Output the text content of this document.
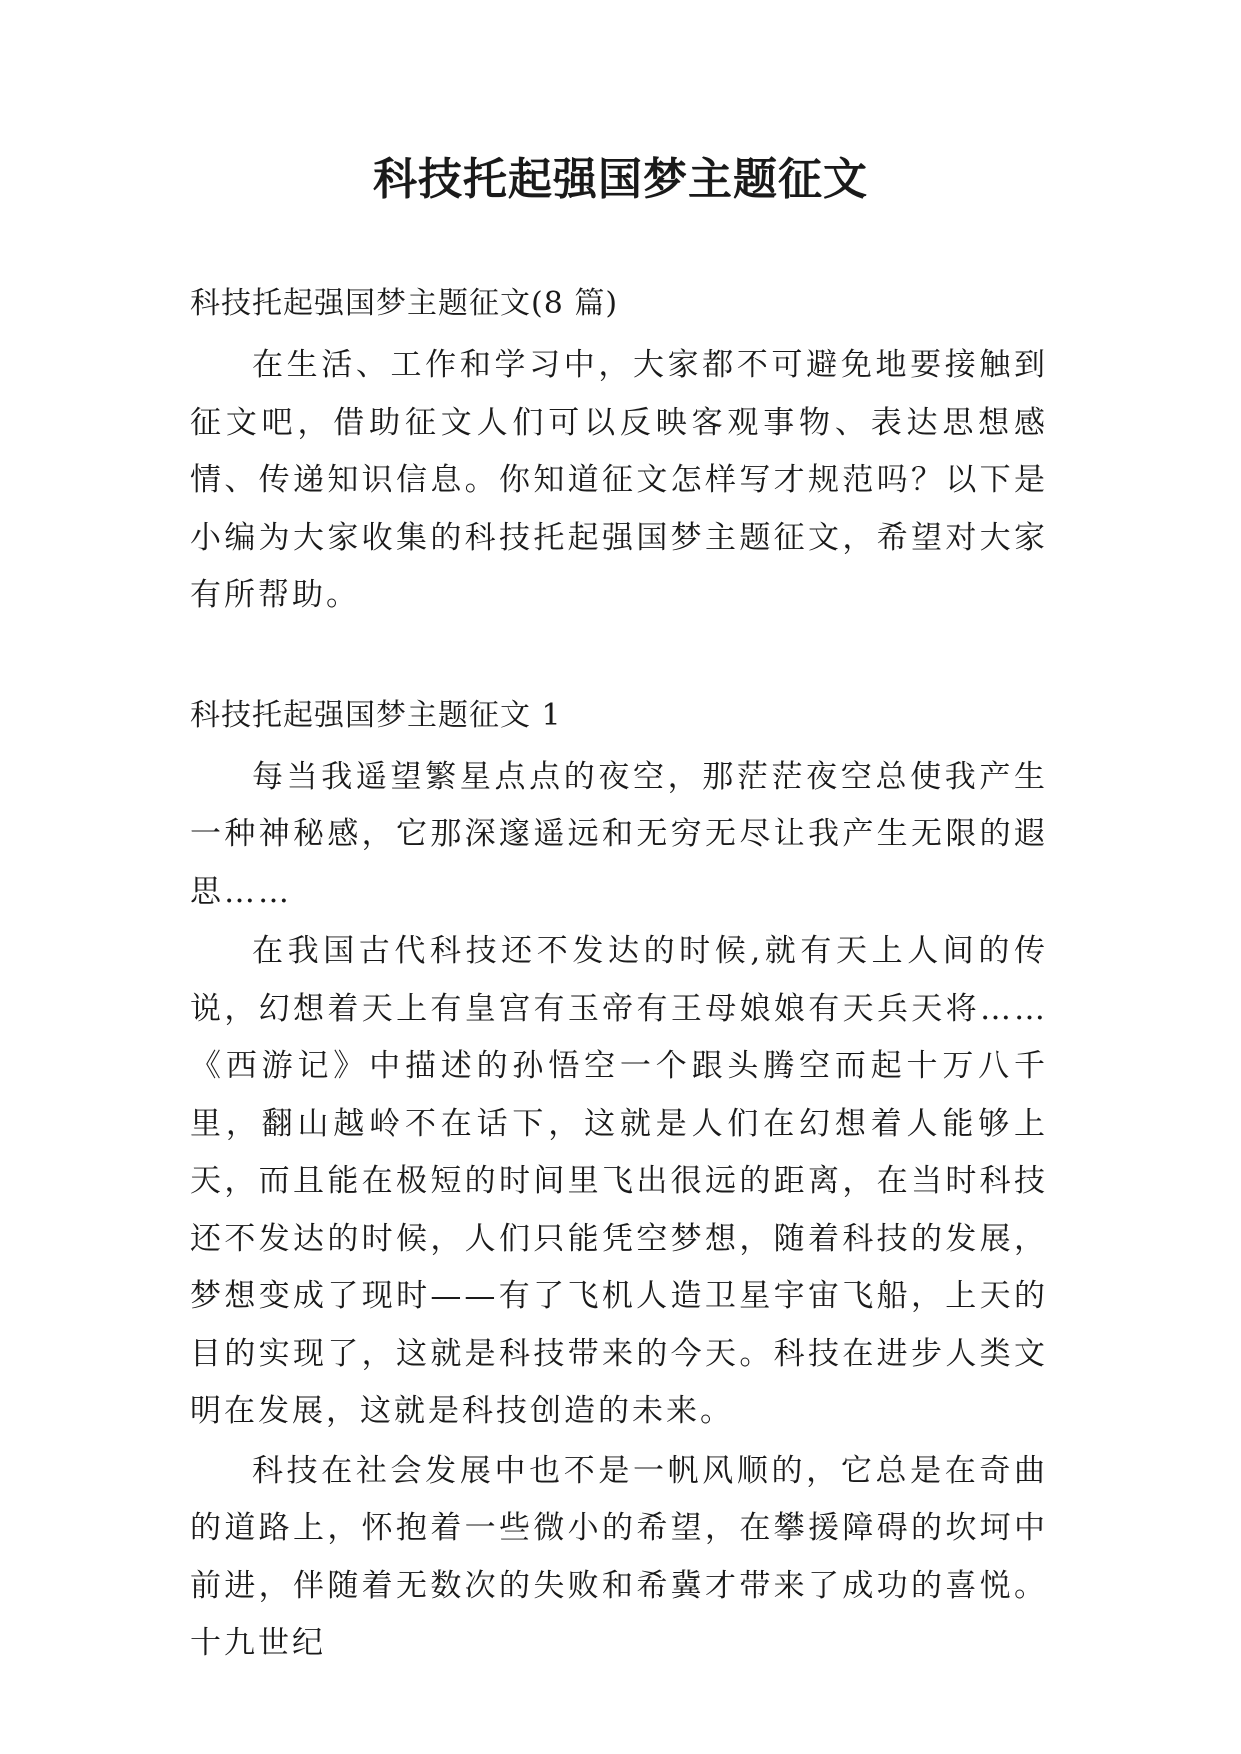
科技托起强国梦主题征文

科技托起强国梦主题征文(8 篇)

在生活、工作和学习中，大家都不可避免地要接触到征文吧，借助征文人们可以反映客观事物、表达思想感情、传递知识信息。你知道征文怎样写才规范吗？以下是小编为大家收集的科技托起强国梦主题征文，希望对大家有所帮助。

科技托起强国梦主题征文 1

每当我遥望繁星点点的夜空，那茫茫夜空总使我产生一种神秘感，它那深邃遥远和无穷无尽让我产生无限的遐思……

在我国古代科技还不发达的时候,就有天上人间的传说，幻想着天上有皇宫有玉帝有王母娘娘有天兵天将……《西游记》中描述的孙悟空一个跟头腾空而起十万八千里，翻山越岭不在话下，这就是人们在幻想着人能够上天，而且能在极短的时间里飞出很远的距离，在当时科技还不发达的时候，人们只能凭空梦想，随着科技的发展，梦想变成了现时——有了飞机人造卫星宇宙飞船，上天的目的实现了，这就是科技带来的今天。科技在进步人类文明在发展，这就是科技创造的未来。

科技在社会发展中也不是一帆风顺的，它总是在奇曲的道路上，怀抱着一些微小的希望，在攀援障碍的坎坷中前进，伴随着无数次的失败和希冀才带来了成功的喜悦。十九世纪
